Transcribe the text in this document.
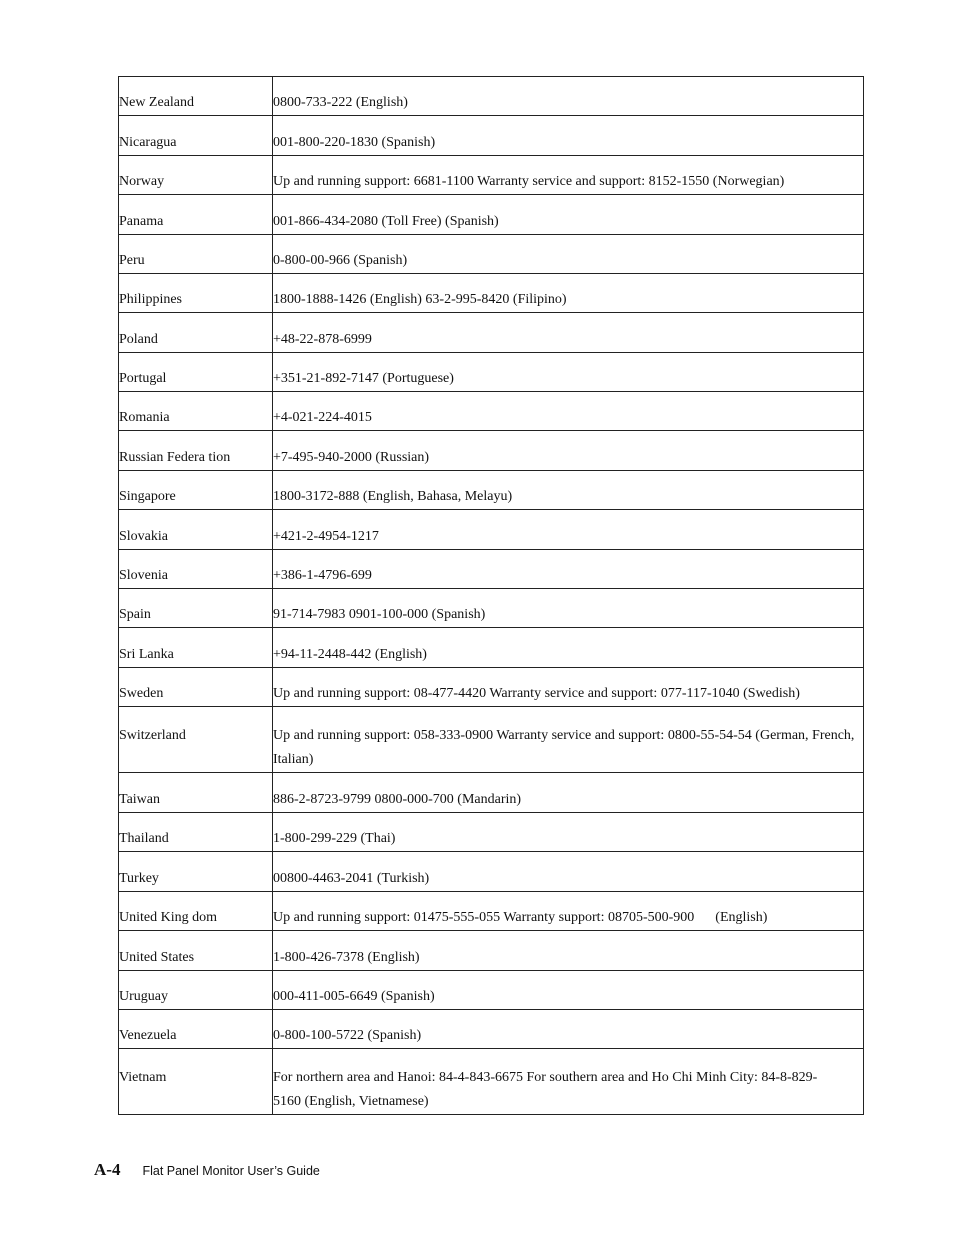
New Zealand	0800-733-222 (English)
Nicaragua	001-800-220-1830 (Spanish)
Norway	Up and running support: 6681-1100 Warranty service and support: 8152-1550 (Norwegian)
Panama	001-866-434-2080 (Toll Free) (Spanish)
Peru	0-800-00-966 (Spanish)
Philippines	1800-1888-1426 (English) 63-2-995-8420 (Filipino)
Poland	+48-22-878-6999
Portugal	+351-21-892-7147 (Portuguese)
Romania	+4-021-224-4015
Russian Federa tion	+7-495-940-2000 (Russian)
Singapore	1800-3172-888 (English, Bahasa, Melayu)
Slovakia	+421-2-4954-1217
Slovenia	+386-1-4796-699
Spain	91-714-7983 0901-100-000 (Spanish)
Sri Lanka	+94-11-2448-442 (English)
Sweden	Up and running support: 08-477-4420 Warranty service and support: 077-117-1040 (Swedish)

Switzerland	Up and running support: 058-333-0900 Warranty service and support: 0800-55-54-54 (German, French, Italian)

Taiwan	886-2-8723-9799 0800-000-700 (Mandarin)
Thailand	1-800-299-229 (Thai)
Turkey	00800-4463-2041 (Turkish)
United King dom	Up and running support: 01475-555-055 Warranty support: 08705-500-900      (English)
United States	1-800-426-7378 (English)
Uruguay	000-411-005-6649 (Spanish)
Venezuela	0-800-100-5722 (Spanish)

Vietnam	For northern area and Hanoi: 84-4-843-6675 For southern area and Ho Chi Minh City: 84-8-829-5160 (English, Vietnamese)
A-4 Flat Panel Monitor User’s Guide
